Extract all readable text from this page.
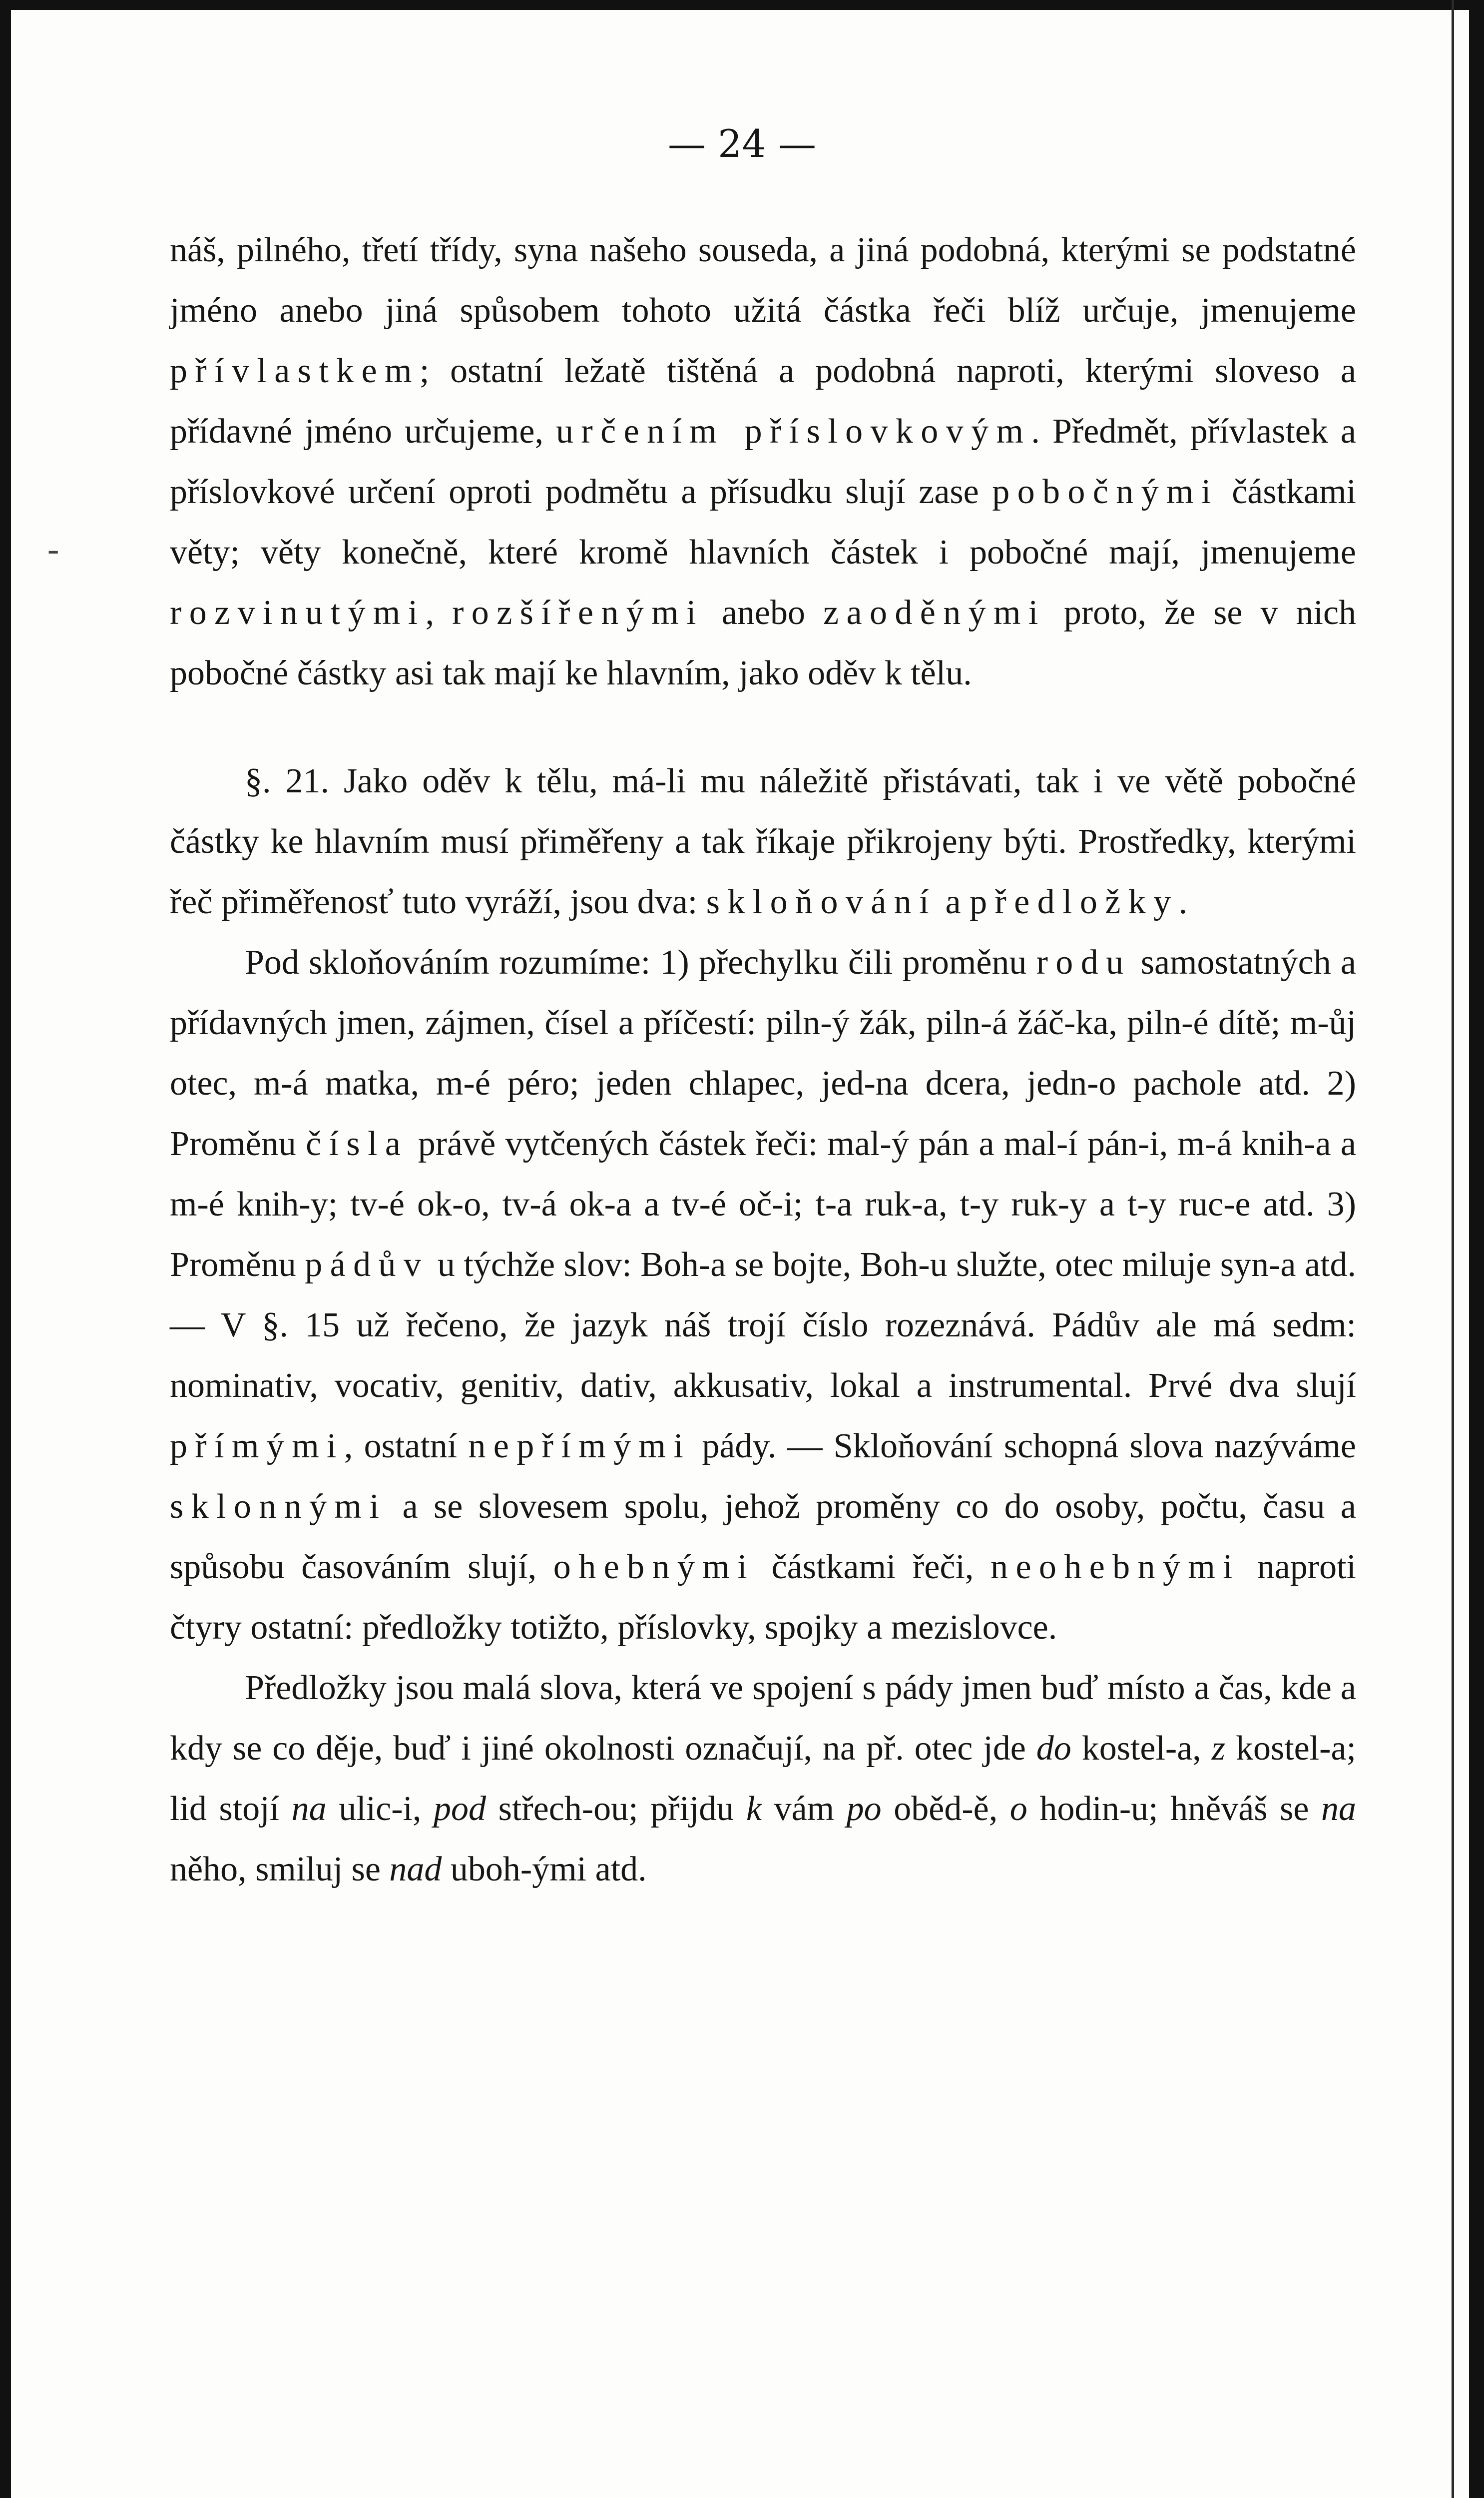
— 24 —
-

náš, pilného, třetí třídy, syna našeho souseda, a jiná podobná, kterými se podstatné jméno anebo jiná spůsobem tohoto užitá částka řeči blíž určuje, jmenujeme přívlastkem; ostatní ležatě tištěná a podobná naproti, kterými sloveso a přídavné jméno určujeme, určením příslovkovým. Předmět, přívlastek a příslovkové určení oproti podmětu a přísudku slují zase pobočnými částkami věty; věty konečně, které kromě hlavních částek i pobočné mají, jmenujeme rozvinutými, rozšířenými anebo zaoděnými proto, že se v nich pobočné částky asi tak mají ke hlavním, jako oděv k tělu.

§. 21. Jako oděv k tělu, má-li mu náležitě přistávati, tak i ve větě pobočné částky ke hlavním musí přiměřeny a tak říkaje přikrojeny býti. Prostředky, kterými řeč přiměřenosť tuto vyráží, jsou dva: skloňování a předložky.

Pod skloňováním rozumíme: 1) přechylku čili proměnu rodu samostatných a přídavných jmen, zájmen, čísel a příčestí: piln-ý žák, piln-á žáč-ka, piln-é dítě; m-ůj otec, m-á matka, m-é péro; jeden chlapec, jed-na dcera, jedn-o pachole atd. 2) Proměnu čísla právě vytčených částek řeči: mal-ý pán a mal-í pán-i, m-á knih-a a m-é knih-y; tv-é ok-o, tv-á ok-a a tv-é oč-i; t-a ruk-a, t-y ruk-y a t-y ruc-e atd. 3) Proměnu pádův u týchže slov: Boh-a se bojte, Boh-u služte, otec miluje syn-a atd. — V §. 15 už řečeno, že jazyk náš trojí číslo rozeznává. Pádův ale má sedm: nominativ, vocativ, genitiv, dativ, akkusativ, lokal a instrumental. Prvé dva slují přímými, ostatní nepřímými pády. — Skloňování schopná slova nazýváme sklonnými a se slovesem spolu, jehož proměny co do osoby, počtu, času a spůsobu časováním slují, ohebnými částkami řeči, neohebnými naproti čtyry ostatní: předložky totižto, příslovky, spojky a mezislovce.

Předložky jsou malá slova, která ve spojení s pády jmen buď místo a čas, kde a kdy se co děje, buď i jiné okolnosti označují, na př. otec jde do kostel-a, z kostel-a; lid stojí na ulic-i, pod střech-ou; přijdu k vám po oběd-ě, o hodin-u; hněváš se na něho, smiluj se nad uboh-ými atd.
